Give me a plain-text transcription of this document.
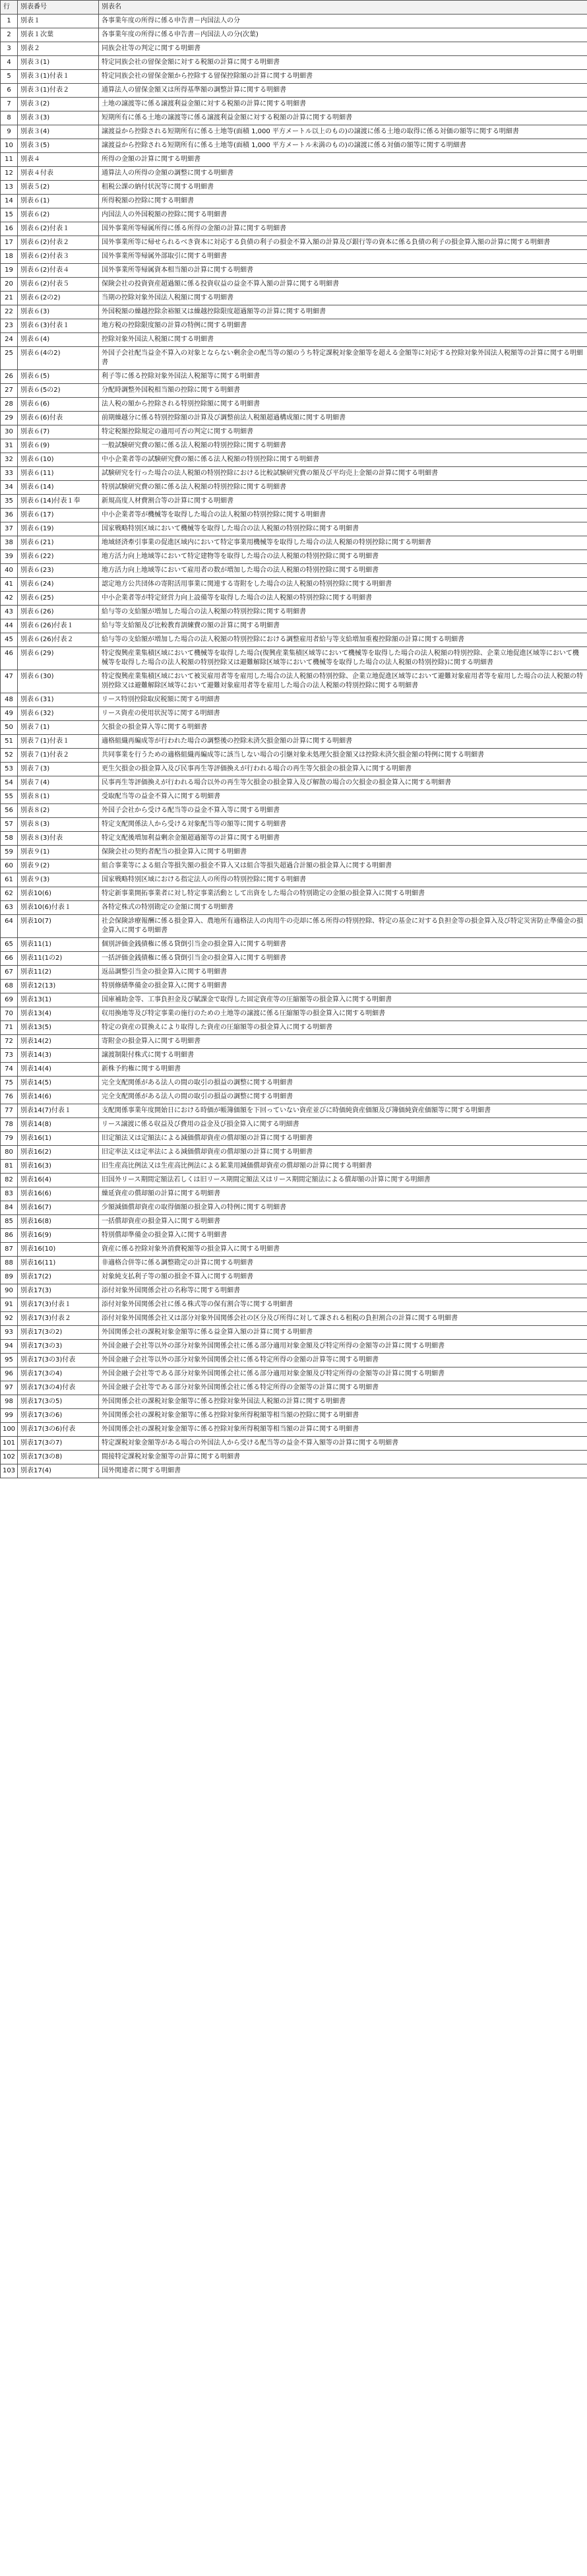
行	別表番号	別表名
1	別表１	各事業年度の所得に係る申告書－内国法人の分
2	別表１次葉	各事業年度の所得に係る申告書－内国法人の分(次葉)
3	別表２	同族会社等の判定に関する明細書
4	別表３(1)	特定同族会社の留保金額に対する税額の計算に関する明細書
5	別表３(1)付表１	特定同族会社の留保金額から控除する留保控除額の計算に関する明細書
6	別表３(1)付表２	通算法人の留保金額又は所得基準額の調整計算に関する明細書
7	別表３(2)	土地の譲渡等に係る譲渡利益金額に対する税額の計算に関する明細書
8	別表３(3)	短期所有に係る土地の譲渡等に係る譲渡利益金額に対する税額の計算に関する明細書
9	別表３(4)	譲渡益から控除される短期所有に係る土地等(面積 1,000 平方メートル以上のもの)の譲渡に係る土地の取得に係る対価の額等に関する明細書
10	別表３(5)	譲渡益から控除される短期所有に係る土地等(面積 1,000 平方メートル未満のもの)の譲渡に係る対価の額等に関する明細書
11	別表４	所得の金額の計算に関する明細書
12	別表４付表	通算法人の所得の金額の調整に関する明細書
13	別表５(2)	租税公課の納付状況等に関する明細書
14	別表６(1)	所得税額の控除に関する明細書
15	別表６(2)	内国法人の外国税額の控除に関する明細書
16	別表６(2)付表１	国外事業所等帰属所得に係る所得の金額の計算に関する明細書
17	別表６(2)付表２	国外事業所等に帰せられるべき資本に対応する負債の利子の損金不算入額の計算及び銀行等の資本に係る負債の利子の損金算入額の計算に関する明細書
18	別表６(2)付表３	国外事業所等帰属外部取引に関する明細書
19	別表６(2)付表４	国外事業所等帰属資本相当額の計算に関する明細書
20	別表６(2)付表５	保険会社の投資資産超過額に係る投資収益の益金不算入額の計算に関する明細書
21	別表６(2の2)	当期の控除対象外国法人税額に関する明細書
22	別表６(3)	外国税額の繰越控除余裕額又は繰越控除限度超過額等の計算に関する明細書
23	別表６(3)付表１	地方税の控除限度額の計算の特例に関する明細書
24	別表６(4)	控除対象外国法人税額に関する明細書
25	別表６(4の2)	外国子会社配当益金不算入の対象とならない剰余金の配当等の額のうち特定課税対象金額等を超える金額等に対応する控除対象外国法人税額等の計算に関する明細書
26	別表６(5)	利子等に係る控除対象外国法人税額等に関する明細書
27	別表６(5の2)	分配時調整外国税相当額の控除に関する明細書
28	別表６(6)	法人税の額から控除される特別控除額に関する明細書
29	別表６(6)付表	前期繰越分に係る特別控除額の計算及び調整前法人税額超過構成額に関する明細書
30	別表６(7)	特定税額控除規定の適用可否の判定に関する明細書
31	別表６(9)	一般試験研究費の額に係る法人税額の特別控除に関する明細書
32	別表６(10)	中小企業者等の試験研究費の額に係る法人税額の特別控除に関する明細書
33	別表６(11)	試験研究を行った場合の法人税額の特別控除における比較試験研究費の額及び平均売上金額の計算に関する明細書
34	別表６(14)	特別試験研究費の額に係る法人税額の特別控除に関する明細書
35	別表６(14)付表１奉	新規高度人材費割合等の計算に関する明細書
36	別表６(17)	中小企業者等が機械等を取得した場合の法人税額の特別控除に関する明細書
37	別表６(19)	国家戦略特別区域において機械等を取得した場合の法人税額の特別控除に関する明細書
38	別表６(21)	地域経済牽引事業の促進区域内において特定事業用機械等を取得した場合の法人税額の特別控除に関する明細書
39	別表６(22)	地方活力向上地域等において特定建物等を取得した場合の法人税額の特別控除に関する明細書
40	別表６(23)	地方活力向上地域等において雇用者の数が増加した場合の法人税額の特別控除に関する明細書
41	別表６(24)	認定地方公共団体の寄附活用事業に関連する寄附をした場合の法人税額の特別控除に関する明細書
42	別表６(25)	中小企業者等が特定経営力向上設備等を取得した場合の法人税額の特別控除に関する明細書
43	別表６(26)	給与等の支給額が増加した場合の法人税額の特別控除に関する明細書
44	別表６(26)付表１	給与等支給額及び比較教育訓練費の額の計算に関する明細書
45	別表６(26)付表２	給与等の支給額が増加した場合の法人税額の特別控除における調整雇用者給与等支給増加重複控除額の計算に関する明細書
46	別表６(29)	特定復興産業集積区域において機械等を取得した場合(復興産業集積区域等において機械等を取得した場合の法人税額の特別控除、企業立地促進区域等において機械等を取得した場合の法人税額の特別控除又は避難解除区域等において機械等を取得した場合の法人税額の特別控除)に関する明細書
47	別表６(30)	特定復興産業集積区域において被災雇用者等を雇用した場合の法人税額の特別控除、企業立地促進区域等において避難対象雇用者等を雇用した場合の法人税額の特別控除又は避難解除区域等において避難対象雇用者等を雇用した場合の法人税額の特別控除に関する明細書
48	別表６(31)	リース特別控除取戻税額に関する明細書
49	別表６(32)	リース資産の使用状況等に関する明細書
50	別表７(1)	欠損金の損金算入等に関する明細書
51	別表７(1)付表１	適格組織再編成等が行われた場合の調整後の控除未済欠損金額の計算に関する明細書
52	別表７(1)付表２	共同事業を行うための適格組織再編成等に該当しない場合の引継対象未処理欠損金額又は控除未済欠損金額の特例に関する明細書
53	別表７(3)	更生欠損金の損金算入及び民事再生等評価換えが行われる場合の再生等欠損金の損金算入に関する明細書
54	別表７(4)	民事再生等評価換えが行われる場合以外の再生等欠損金の損金算入及び解散の場合の欠損金の損金算入に関する明細書
55	別表８(1)	受取配当等の益金不算入に関する明細書
56	別表８(2)	外国子会社から受ける配当等の益金不算入等に関する明細書
57	別表８(3)	特定支配関係法人から受ける対象配当等の額等に関する明細書
58	別表８(3)付表	特定支配後増加利益剰余金額超過額等の計算に関する明細書
59	別表９(1)	保険会社の契約者配当の損金算入に関する明細書
60	別表９(2)	組合事業等による組合等損失額の損金不算入又は組合等損失超過合計額の損金算入に関する明細書
61	別表９(3)	国家戦略特別区域における指定法人の所得の特別控除に関する明細書
62	別表10(6)	特定新事業開拓事業者に対し特定事業活動として出資をした場合の特別勘定の金額の損金算入に関する明細書
63	別表10(6)付表１	各特定株式の特別勘定の金額に関する明細書
64	別表10(7)	社会保険診療報酬に係る損金算入、農地所有適格法人の肉用牛の売却に係る所得の特別控除、特定の基金に対する負担金等の損金算入及び特定災害防止準備金の損金算入に関する明細書
65	別表11(1)	個別評価金銭債権に係る貸倒引当金の損金算入に関する明細書
66	別表11(1の2)	一括評価金銭債権に係る貸倒引当金の損金算入に関する明細書
67	別表11(2)	返品調整引当金の損金算入に関する明細書
68	別表12(13)	特別修繕準備金の損金算入に関する明細書
69	別表13(1)	国庫補助金等、工事負担金及び賦課金で取得した固定資産等の圧縮額等の損金算入に関する明細書
70	別表13(4)	収用換地等及び特定事業の施行のための土地等の譲渡に係る圧縮額等の損金算入に関する明細書
71	別表13(5)	特定の資産の買換えにより取得した資産の圧縮額等の損金算入に関する明細書
72	別表14(2)	寄附金の損金算入に関する明細書
73	別表14(3)	譲渡制限付株式に関する明細書
74	別表14(4)	新株予約権に関する明細書
75	別表14(5)	完全支配関係がある法人の間の取引の損益の調整に関する明細書
76	別表14(6)	完全支配関係がある法人の間の取引の損益の調整に関する明細書
77	別表14(7)付表１	支配関係事業年度開始日における時価が帳簿価額を下回っていない資産並びに時価純資産価額及び簿価純資産価額等に関する明細書
78	別表14(8)	リース譲渡に係る収益及び費用の益金及び損金算入に関する明細書
79	別表16(1)	旧定額法又は定額法による減価償却資産の償却額の計算に関する明細書
80	別表16(2)	旧定率法又は定率法による減価償却資産の償却額の計算に関する明細書
81	別表16(3)	旧生産高比例法又は生産高比例法による鉱業用減価償却資産の償却額の計算に関する明細書
82	別表16(4)	旧国外リース期間定額法若しくは旧リース期間定額法又はリース期間定額法による償却額の計算に関する明細書
83	別表16(6)	繰延資産の償却額の計算に関する明細書
84	別表16(7)	少額減価償却資産の取得価額の損金算入の特例に関する明細書
85	別表16(8)	一括償却資産の損金算入に関する明細書
86	別表16(9)	特別償却準備金の損金算入に関する明細書
87	別表16(10)	資産に係る控除対象外消費税額等の損金算入に関する明細書
88	別表16(11)	非適格合併等に係る調整勘定の計算に関する明細書
89	別表17(2)	対象純支払利子等の額の損金不算入に関する明細書
90	別表17(3)	添付対象外国関係会社の名称等に関する明細書
91	別表17(3)付表１	添付対象外国関係会社に係る株式等の保有割合等に関する明細書
92	別表17(3)付表２	添付対象外国関係会社又は部分対象外国関係会社の区分及び所得に対して課される租税の負担割合の計算に関する明細書
93	別表17(3の2)	外国関係会社の課税対象金額等に係る益金算入額の計算に関する明細書
94	別表17(3の3)	外国金融子会社等以外の部分対象外国関係会社に係る部分適用対象金額及び特定所得の金額等の計算に関する明細書
95	別表17(3の3)付表	外国金融子会社等以外の部分対象外国関係会社に係る特定所得の金額の計算等に関する明細書
96	別表17(3の4)	外国金融子会社等である部分対象外国関係会社に係る部分適用対象金額及び特定所得の金額等の計算に関する明細書
97	別表17(3の4)付表	外国金融子会社等である部分対象外国関係会社に係る特定所得の金額等の計算に関する明細書
98	別表17(3の5)	外国関係会社の課税対象金額等に係る控除対象外国法人税額の計算に関する明細書
99	別表17(3の6)	外国関係会社の課税対象金額等に係る控除対象所得税額等相当額の控除に関する明細書
100	別表17(3の6)付表	外国関係会社の課税対象金額等に係る控除対象所得税額等相当額の計算に関する明細書
101	別表17(3の7)	特定課税対象金額等がある場合の外国法人から受ける配当等の益金不算入額等の計算に関する明細書
102	別表17(3の8)	間接特定課税対象金額等の計算に関する明細書
103	別表17(4)	国外関連者に関する明細書
